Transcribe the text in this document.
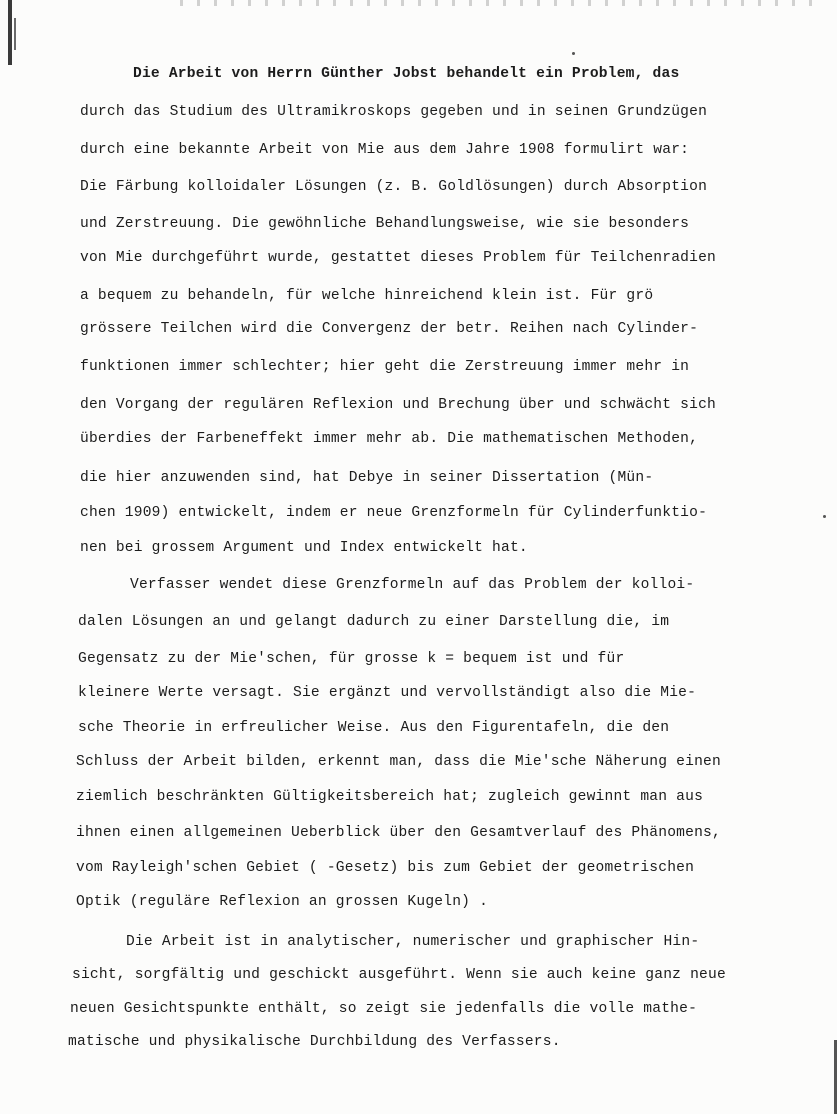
Die Arbeit von Herrn Günther Jobst behandelt ein Problem, das
durch das Studium des Ultramikroskops gegeben und in seinen Grundzügen
durch eine bekannte Arbeit von Mie aus dem Jahre 1908 formulirt war:
Die Färbung kolloidaler Lösungen (z. B. Goldlösungen) durch Absorption
und Zerstreuung. Die gewöhnliche Behandlungsweise, wie sie besonders
von Mie durchgeführt wurde, gestattet dieses Problem für Teilchenradien
a bequem zu behandeln, für welche hinreichend klein ist. Für grö
grössere Teilchen wird die Convergenz der betr. Reihen nach Cylinder-
funktionen immer schlechter; hier geht die Zerstreuung immer mehr in
den Vorgang der regulären Reflexion und Brechung über und schwächt sich
überdies der Farbeneffekt immer mehr ab. Die mathematischen Methoden,
die hier anzuwenden sind, hat Debye in seiner Dissertation (Mün-
chen 1909) entwickelt, indem er neue Grenzformeln für Cylinderfunktio-
nen bei grossem Argument und Index entwickelt hat.
Verfasser wendet diese Grenzformeln auf das Problem der kolloi-
dalen Lösungen an und gelangt dadurch zu einer Darstellung die, im
Gegensatz zu der Mie'schen, für grosse k = bequem ist und für
kleinere Werte versagt. Sie ergänzt und vervollständigt also die Mie-
sche Theorie in erfreulicher Weise. Aus den Figurentafeln, die den
Schluss der Arbeit bilden, erkennt man, dass die Mie'sche Näherung einen
ziemlich beschränkten Gültigkeitsbereich hat; zugleich gewinnt man aus
ihnen einen allgemeinen Ueberblick über den Gesamtverlauf des Phänomens,
vom Rayleigh'schen Gebiet ( -Gesetz) bis zum Gebiet der geometrischen
Optik (reguläre Reflexion an grossen Kugeln) .
Die Arbeit ist in analytischer, numerischer und graphischer Hin-
sicht, sorgfältig und geschickt ausgeführt. Wenn sie auch keine ganz neue
neuen Gesichtspunkte enthält, so zeigt sie jedenfalls die volle mathe-
matische und physikalische Durchbildung des Verfassers.
